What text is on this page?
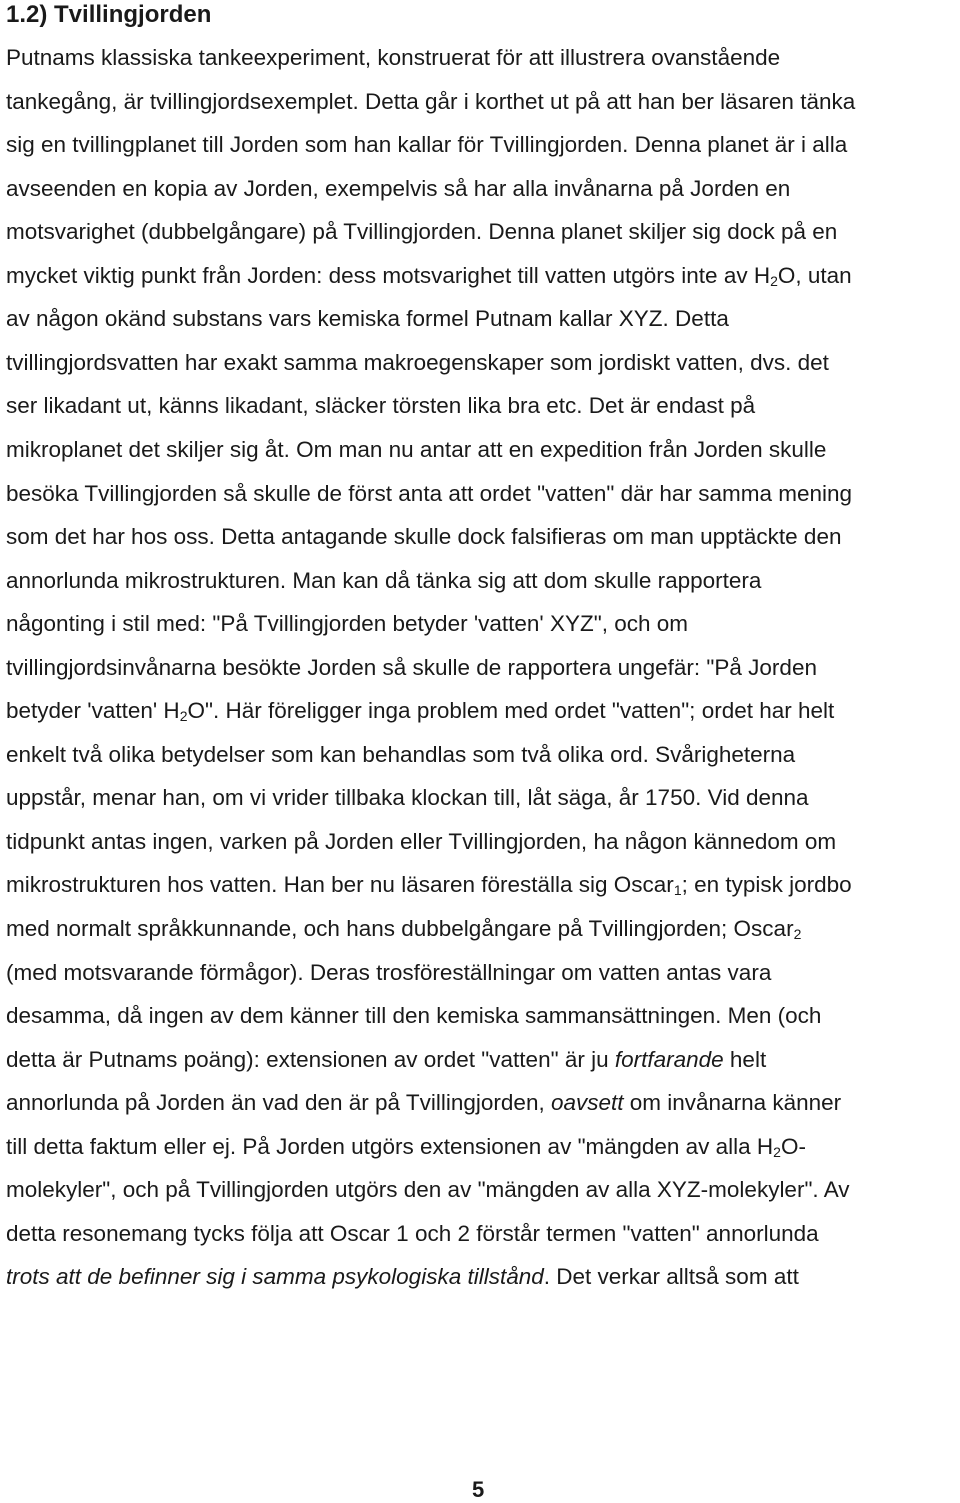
1.2) Tvillingjorden

Putnams klassiska tankeexperiment, konstruerat för att illustrera ovanstående

tankegång, är tvillingjordsexemplet. Detta går i korthet ut på att han ber läsaren tänka

sig en tvillingplanet till Jorden som han kallar för Tvillingjorden. Denna planet är i alla

avseenden en kopia av Jorden, exempelvis så har alla invånarna på Jorden en

motsvarighet (dubbelgångare) på Tvillingjorden. Denna planet skiljer sig dock på en

mycket viktig punkt från Jorden: dess motsvarighet till vatten utgörs inte av $H_2O$, utan

av någon okänd substans vars kemiska formel Putnam kallar XYZ. Detta

tvillingjordsvatten har exakt samma makroegenskaper som jordiskt vatten, dvs. det

ser likadant ut, känns likadant, släcker törsten lika bra etc. Det är endast på

mikroplanet det skiljer sig åt. Om man nu antar att en expedition från Jorden skulle

besöka Tvillingjorden så skulle de först anta att ordet "vatten" där har samma mening

som det har hos oss. Detta antagande skulle dock falsifieras om man upptäckte den

annorlunda mikrostrukturen. Man kan då tänka sig att dom skulle rapportera

någonting i stil med: "På Tvillingjorden betyder 'vatten' XYZ", och om

tvillingjordsinvånarna besökte Jorden så skulle de rapportera ungefär: "På Jorden

betyder 'vatten' $H_2O$". Här föreligger inga problem med ordet "vatten"; ordet har helt

enkelt två olika betydelser som kan behandlas som två olika ord. Svårigheterna

uppstår, menar han, om vi vrider tillbaka klockan till, låt säga, år 1750. Vid denna

tidpunkt antas ingen, varken på Jorden eller Tvillingjorden, ha någon kännedom om

mikrostrukturen hos vatten. Han ber nu läsaren föreställa sig Oscar$_1$; en typisk jordbo

med normalt språkkunnande, och hans dubbelgångare på Tvillingjorden; Oscar$_2$

(med motsvarande förmågor). Deras trosföreställningar om vatten antas vara

desamma, då ingen av dem känner till den kemiska sammansättningen. Men (och

detta är Putnams poäng): extensionen av ordet "vatten" är ju fortfarande helt

annorlunda på Jorden än vad den är på Tvillingjorden, oavsett om invånarna känner

till detta faktum eller ej. På Jorden utgörs extensionen av "mängden av alla $H_2O-$

molekyler", och på Tvillingjorden utgörs den av "mängden av alla XYZ-molekyler". Av

detta resonemang tycks följa att Oscar 1 och 2 förstår termen "vatten" annorlunda

trots att de befinner sig i samma psykologiska tillstånd. Det verkar alltså som att

5
